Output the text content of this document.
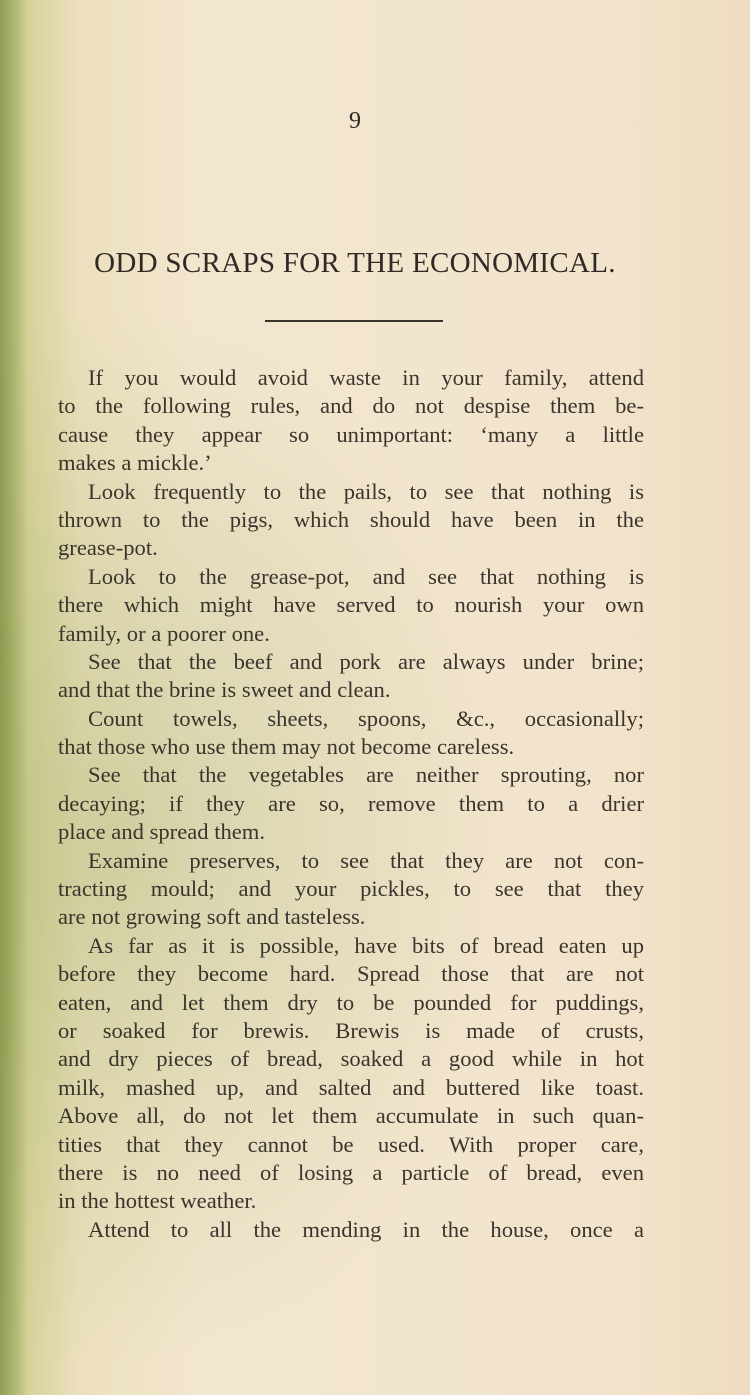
9
ODD SCRAPS FOR THE ECONOMICAL.
If you would avoid waste in your family, attend
to the following rules, and do not despise them be-
cause they appear so unimportant: ‘many a little
makes a mickle.’
Look frequently to the pails, to see that nothing is
thrown to the pigs, which should have been in the
grease-pot.
Look to the grease-pot, and see that nothing is
there which might have served to nourish your own
family, or a poorer one.
See that the beef and pork are always under brine;
and that the brine is sweet and clean.
Count towels, sheets, spoons, &c., occasionally;
that those who use them may not become careless.
See that the vegetables are neither sprouting, nor
decaying; if they are so, remove them to a drier
place and spread them.
Examine preserves, to see that they are not con-
tracting mould; and your pickles, to see that they
are not growing soft and tasteless.
As far as it is possible, have bits of bread eaten up
before they become hard. Spread those that are not
eaten, and let them dry to be pounded for puddings,
or soaked for brewis. Brewis is made of crusts,
and dry pieces of bread, soaked a good while in hot
milk, mashed up, and salted and buttered like toast.
Above all, do not let them accumulate in such quan-
tities that they cannot be used. With proper care,
there is no need of losing a particle of bread, even
in the hottest weather.
Attend to all the mending in the house, once a
